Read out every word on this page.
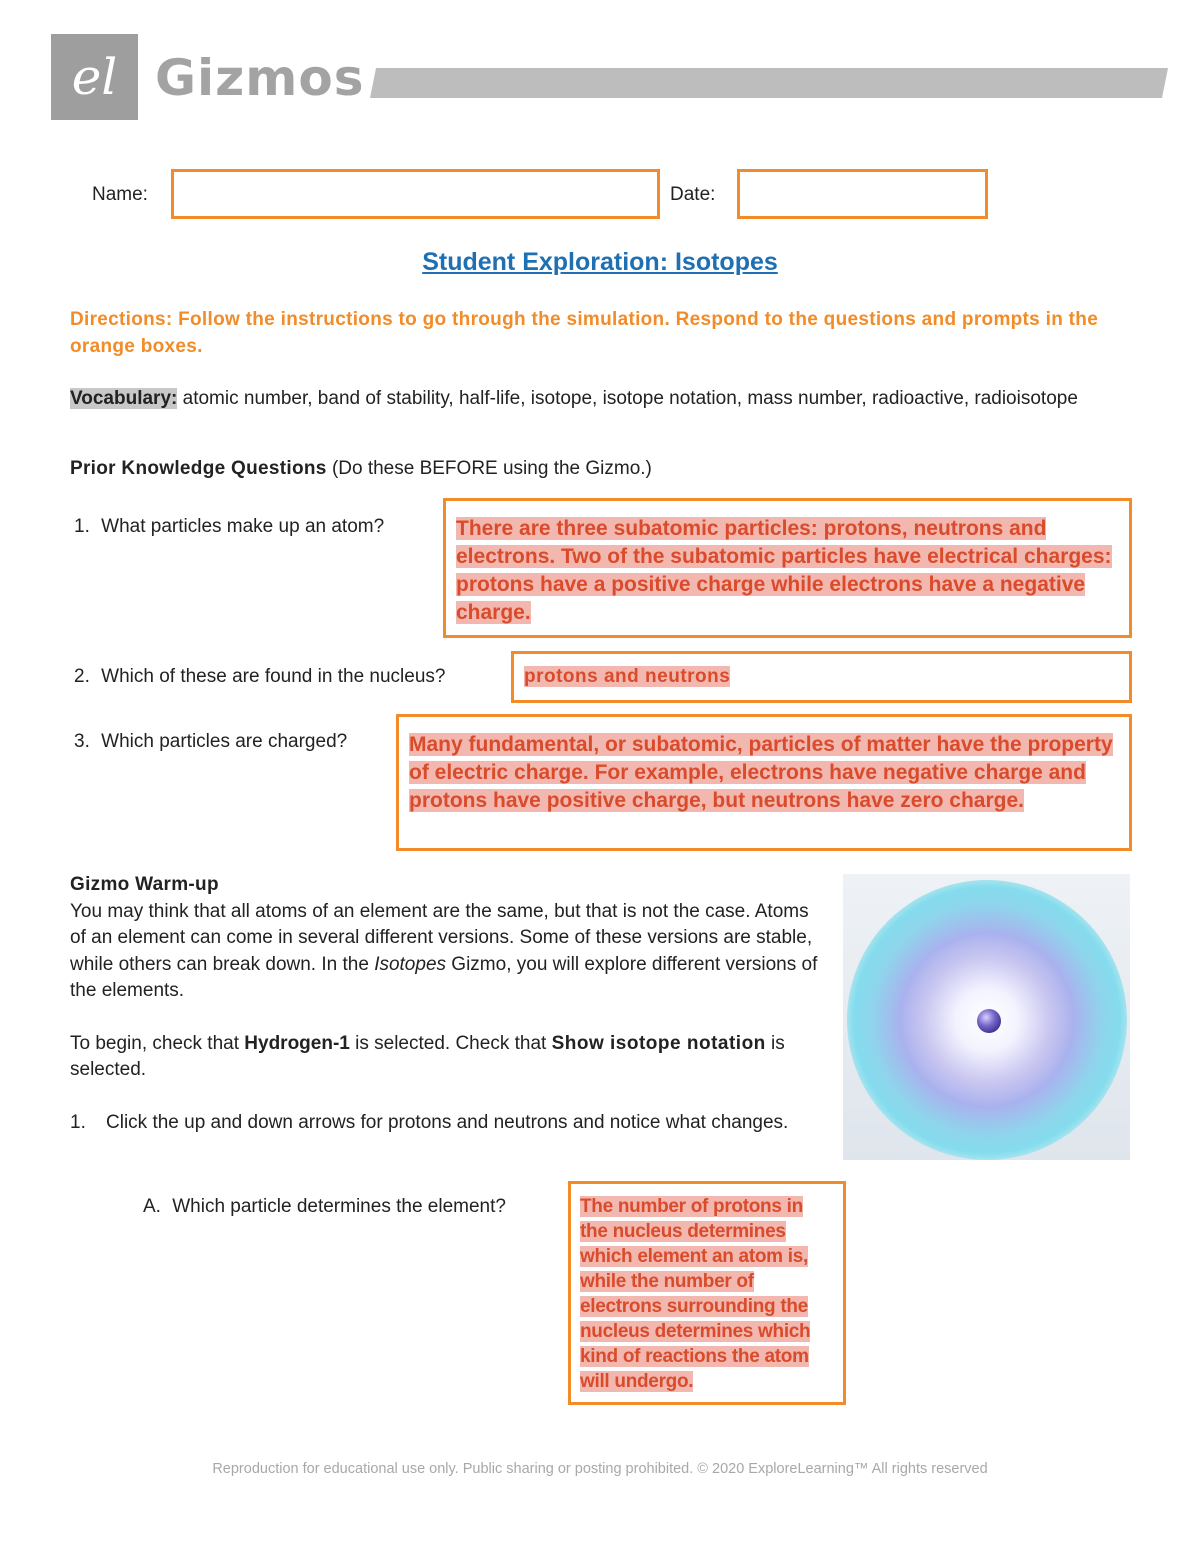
el Gizmos
Name:	Date:
Student Exploration: Isotopes
Directions: Follow the instructions to go through the simulation. Respond to the questions and prompts in the orange boxes.
Vocabulary: atomic number, band of stability, half-life, isotope, isotope notation, mass number, radioactive, radioisotope
Prior Knowledge Questions (Do these BEFORE using the Gizmo.)
1. What particles make up an atom?	There are three subatomic particles: protons, neutrons and electrons. Two of the subatomic particles have electrical charges: protons have a positive charge while electrons have a negative charge.
2. Which of these are found in the nucleus?	protons and neutrons
3. Which particles are charged?	Many fundamental, or subatomic, particles of matter have the property of electric charge. For example, electrons have negative charge and protons have positive charge, but neutrons have zero charge.
Gizmo Warm-up
You may think that all atoms of an element are the same, but that is not the case. Atoms of an element can come in several different versions. Some of these versions are stable, while others can break down. In the Isotopes Gizmo, you will explore different versions of the elements.
To begin, check that Hydrogen-1 is selected. Check that Show isotope notation is selected.
1.	Click the up and down arrows for protons and neutrons and notice what changes.
A. Which particle determines the element?	The number of protons in the nucleus determines which element an atom is, while the number of electrons surrounding the nucleus determines which kind of reactions the atom will undergo.
Reproduction for educational use only. Public sharing or posting prohibited. © 2020 ExploreLearning™ All rights reserved
